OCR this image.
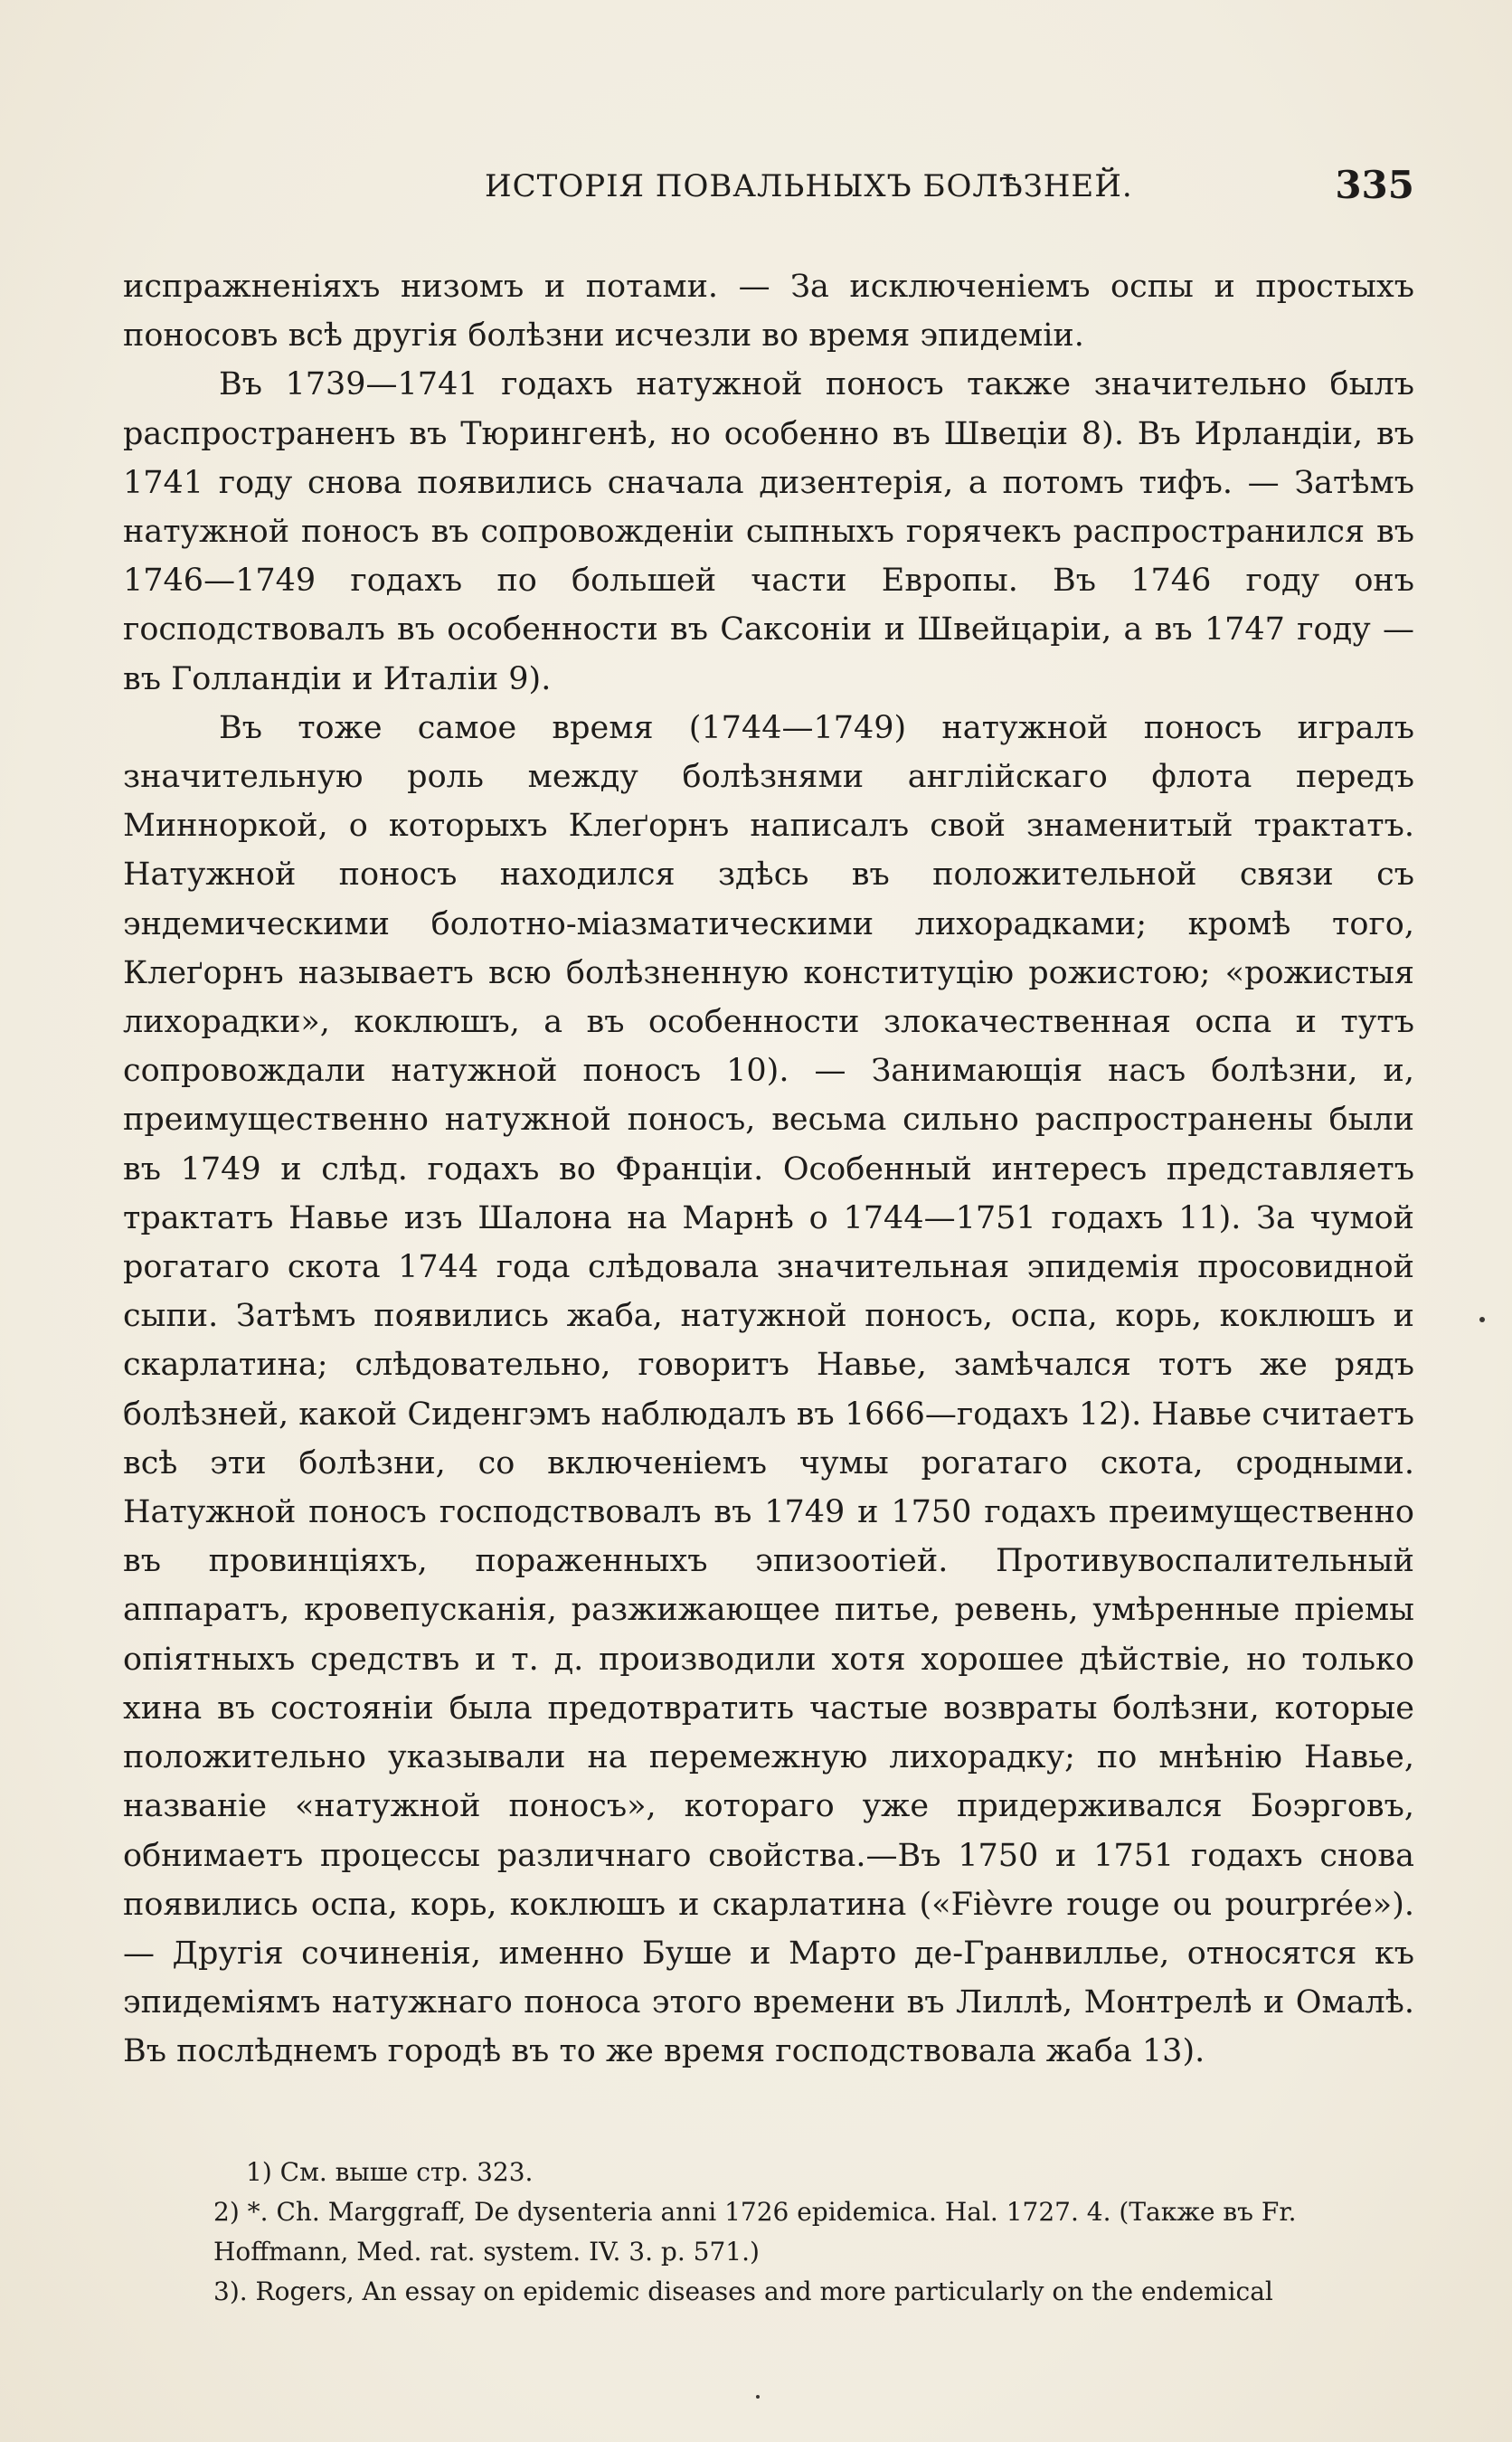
ИСТОРІЯ ПОВАЛЬНЫХЪ БОЛѢЗНЕЙ.	335

испражненіяхъ низомъ и потами. — За исключеніемъ оспы и простыхъ поносовъ всѣ другія болѣзни исчезли во время эпидеміи.

Въ 1739—1741 годахъ натужной поносъ также значительно былъ распространенъ въ Тюрингенѣ, но особенно въ Швеціи 8). Въ Ирландіи, въ 1741 году снова появились сначала дизентерія, а потомъ тифъ. — Затѣмъ натужной поносъ въ сопровожденіи сыпныхъ горячекъ распространился въ 1746—1749 годахъ по большей части Европы. Въ 1746 году онъ господствовалъ въ особенности въ Саксоніи и Швейцаріи, а въ 1747 году — въ Голландіи и Италіи 9).

Въ тоже самое время (1744—1749) натужной поносъ игралъ значительную роль между болѣзнями англійскаго флота передъ Минноркой, о которыхъ Клеґорнъ написалъ свой знаменитый трактатъ. Натужной поносъ находился здѣсь въ положительной связи съ эндемическими болотно-міазматическими лихорадками; кромѣ того, Клеґорнъ называетъ всю болѣзненную конституцію рожистою; «рожистыя лихорадки», коклюшъ, а въ особенности злокачественная оспа и тутъ сопровождали натужной поносъ 10). — Занимающія насъ болѣзни, и, преимущественно натужной поносъ, весьма сильно распространены были въ 1749 и слѣд. годахъ во Франціи. Особенный интересъ представляетъ трактатъ Навье изъ Шалона на Марнѣ о 1744—1751 годахъ 11). За чумой рогатаго скота 1744 года слѣдовала значительная эпидемія просовидной сыпи. Затѣмъ появились жаба, натужной поносъ, оспа, корь, коклюшъ и скарлатина; слѣдовательно, говоритъ Навье, замѣчался тотъ же рядъ болѣзней, какой Сиденгэмъ наблюдалъ въ 1666—годахъ 12). Навье считаетъ всѣ эти болѣзни, со включеніемъ чумы рогатаго скота, сродными. Натужной поносъ господствовалъ въ 1749 и 1750 годахъ преимущественно въ провинціяхъ, пораженныхъ эпизоотіей. Противувоспалительный аппаратъ, кровепусканія, разжижающее питье, ревень, умѣренные пріемы опіятныхъ средствъ и т. д. производили хотя хорошее дѣйствіе, но только хина въ состояніи была предотвратить частые возвраты болѣзни, которые положительно указывали на перемежную лихорадку; по мнѣнію Навье, названіе «натужной поносъ», котораго уже придерживался Боэрговъ, обнимаетъ процессы различнаго свойства.—Въ 1750 и 1751 годахъ снова появились оспа, корь, коклюшъ и скарлатина («Fièvre rouge ou pourprée»). — Другія сочиненія, именно Буше и Марто де-Гранвиллье, относятся къ эпидеміямъ натужнаго поноса этого времени въ Лиллѣ, Монтрелѣ и Омалѣ. Въ послѣднемъ городѣ въ то же время господствовала жаба 13).

1) См. выше стр. 323.

2) *. Ch. Marggraff, De dysenteria anni 1726 epidemica. Hal. 1727. 4. (Также въ Fr. Hoffmann, Med. rat. system. IV. 3. p. 571.)

3). Rogers, An essay on epidemic diseases and more particularly on the endemical
